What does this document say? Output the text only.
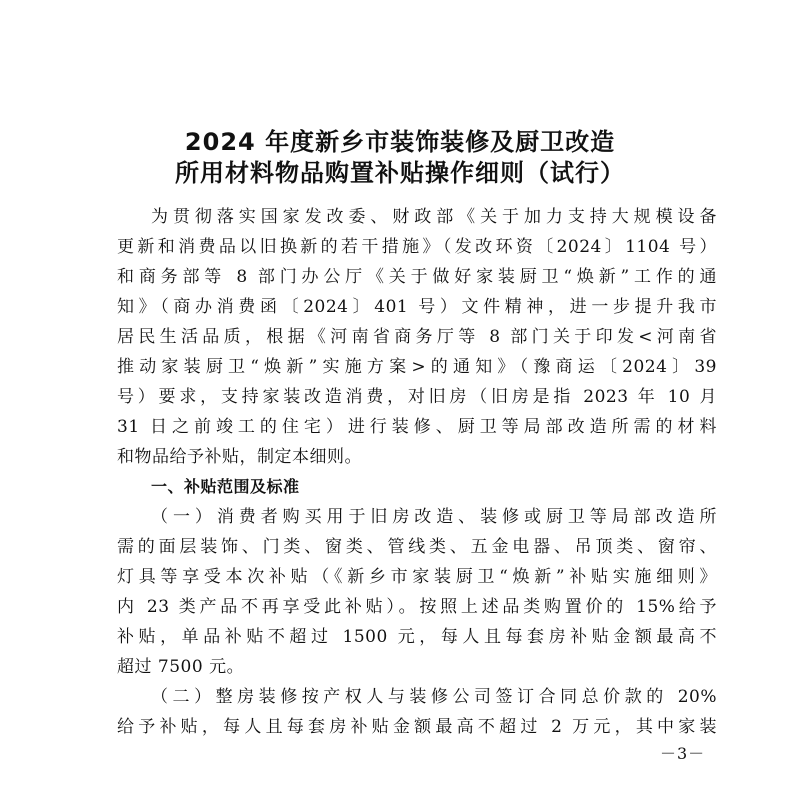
2024 年度新乡市装饰装修及厨卫改造
所用材料物品购置补贴操作细则（试行）
为贯彻落实国家发改委、财政部《关于加力支持大规模设备
更新和消费品以旧换新的若干措施》（发改环资〔2024〕1104 号）
和商务部等 8 部门办公厅《关于做好家装厨卫“焕新”工作的通
知》（商办消费函〔2024〕401 号）文件精神，进一步提升我市
居民生活品质，根据《河南省商务厅等 8 部门关于印发<河南省
推动家装厨卫“焕新”实施方案>的通知》（豫商运〔2024〕39
号）要求，支持家装改造消费，对旧房（旧房是指 2023 年 10 月
31 日之前竣工的住宅）进行装修、厨卫等局部改造所需的材料
和物品给予补贴，制定本细则。
一、补贴范围及标准
（一）消费者购买用于旧房改造、装修或厨卫等局部改造所
需的面层装饰、门类、窗类、管线类、五金电器、吊顶类、窗帘、
灯具等享受本次补贴（《新乡市家装厨卫“焕新”补贴实施细则》
内 23 类产品不再享受此补贴）。按照上述品类购置价的 15%给予
补贴，单品补贴不超过 1500 元，每人且每套房补贴金额最高不
超过 7500 元。
（二）整房装修按产权人与装修公司签订合同总价款的 20%
给予补贴，每人且每套房补贴金额最高不超过 2 万元，其中家装
－3－
